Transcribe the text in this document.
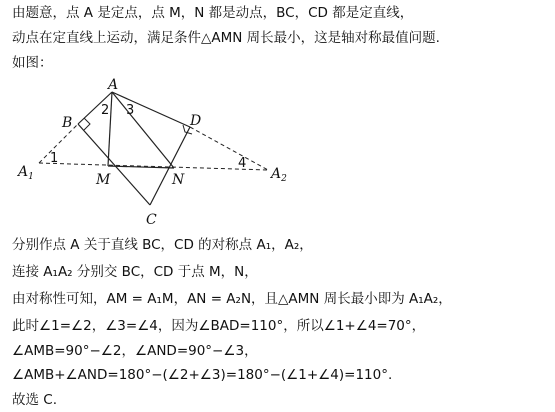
由题意，点 A 是定点，点 M，N 都是动点，BC，CD 都是定直线，
动点在定直线上运动，满足条件△AMN 周长最小，这是轴对称最值问题.
如图：
A
B
C
D
M	N
$A_1$	$A_2$
1
2 3
4
分别作点 A 关于直线 BC，CD 的对称点 A₁，A₂，
连接 A₁A₂ 分别交 BC，CD 于点 M，N，
由对称性可知，AM = A₁M，AN = A₂N，且△AMN 周长最小即为 A₁A₂，
此时∠1=∠2，∠3=∠4，因为∠BAD=110°，所以∠1+∠4=70°，
∠AMB=90°−∠2，∠AND=90°−∠3，
∠AMB+∠AND=180°−(∠2+∠3)=180°−(∠1+∠4)=110°.
故选 C.
